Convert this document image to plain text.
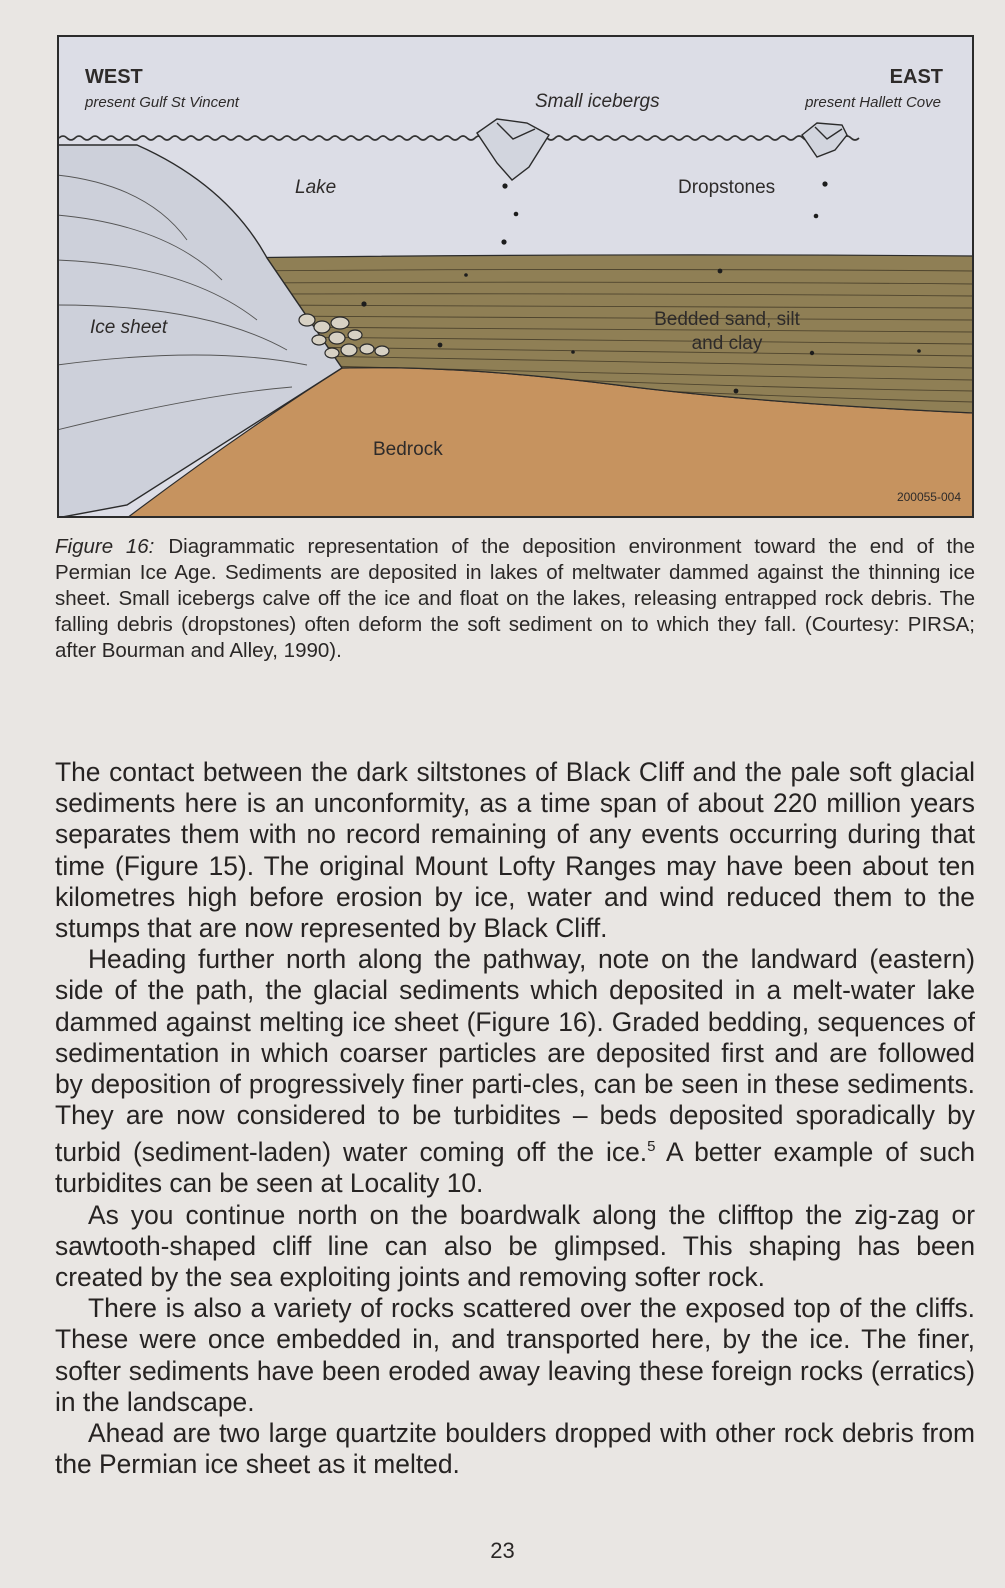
WEST
present Gulf St Vincent	Small icebergs
EAST
present Hallett Cove
Lake	Dropstones
Ice sheet	Bedded sand, silt
and clay
Bedrock
200055-004
Figure 16: Diagrammatic representation of the deposition environment toward the end of the Permian Ice Age. Sediments are deposited in lakes of meltwater dammed against the thinning ice sheet. Small icebergs calve off the ice and float on the lakes, releasing entrapped rock debris. The falling debris (dropstones) often deform the soft sediment on to which they fall. (Courtesy: PIRSA; after Bourman and Alley, 1990).

The contact between the dark siltstones of Black Cliff and the pale soft glacial sediments here is an unconformity, as a time span of about 220 million years separates them with no record remaining of any events occurring during that time (Figure 15). The original Mount Lofty Ranges may have been about ten kilometres high before erosion by ice, water and wind reduced them to the stumps that are now represented by Black Cliff.

Heading further north along the pathway, note on the landward (eastern) side of the path, the glacial sediments which deposited in a melt-water lake dammed against melting ice sheet (Figure 16). Graded bedding, sequences of sedimentation in which coarser particles are deposited first and are followed by deposition of progressively finer parti-cles, can be seen in these sediments. They are now considered to be turbidites – beds deposited sporadically by turbid (sediment-laden) water coming off the ice.$^5$ A better example of such turbidites can be seen at Locality 10.

As you continue north on the boardwalk along the clifftop the zig-zag or sawtooth-shaped cliff line can also be glimpsed. This shaping has been created by the sea exploiting joints and removing softer rock.

There is also a variety of rocks scattered over the exposed top of the cliffs. These were once embedded in, and transported here, by the ice. The finer, softer sediments have been eroded away leaving these foreign rocks (erratics) in the landscape.

Ahead are two large quartzite boulders dropped with other rock debris from the Permian ice sheet as it melted.

23
